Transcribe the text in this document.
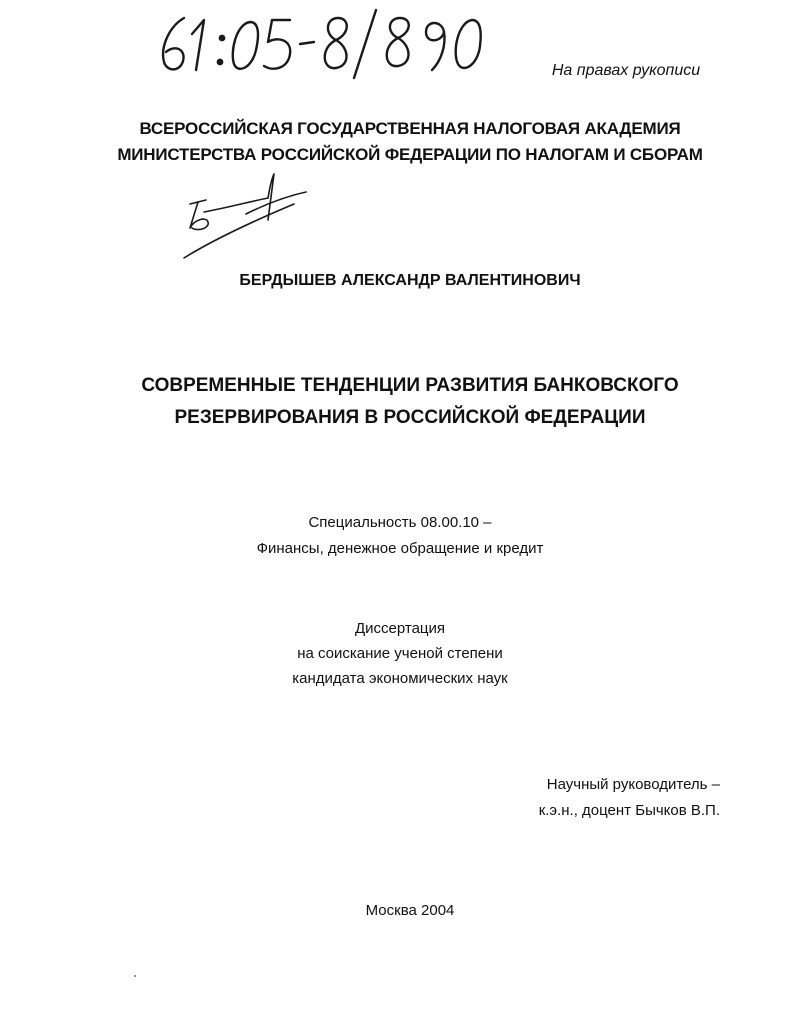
На правах рукописи
ВСЕРОССИЙСКАЯ ГОСУДАРСТВЕННАЯ НАЛОГОВАЯ АКАДЕМИЯ
МИНИСТЕРСТВА РОССИЙСКОЙ ФЕДЕРАЦИИ ПО НАЛОГАМ И СБОРАМ
БЕРДЫШЕВ АЛЕКСАНДР ВАЛЕНТИНОВИЧ
СОВРЕМЕННЫЕ ТЕНДЕНЦИИ РАЗВИТИЯ БАНКОВСКОГО
РЕЗЕРВИРОВАНИЯ В РОССИЙСКОЙ ФЕДЕРАЦИИ
Специальность 08.00.10 –
Финансы, денежное обращение и кредит
Диссертация
на соискание ученой степени
кандидата экономических наук
Научный руководитель –
к.э.н., доцент Бычков В.П.
Москва 2004
